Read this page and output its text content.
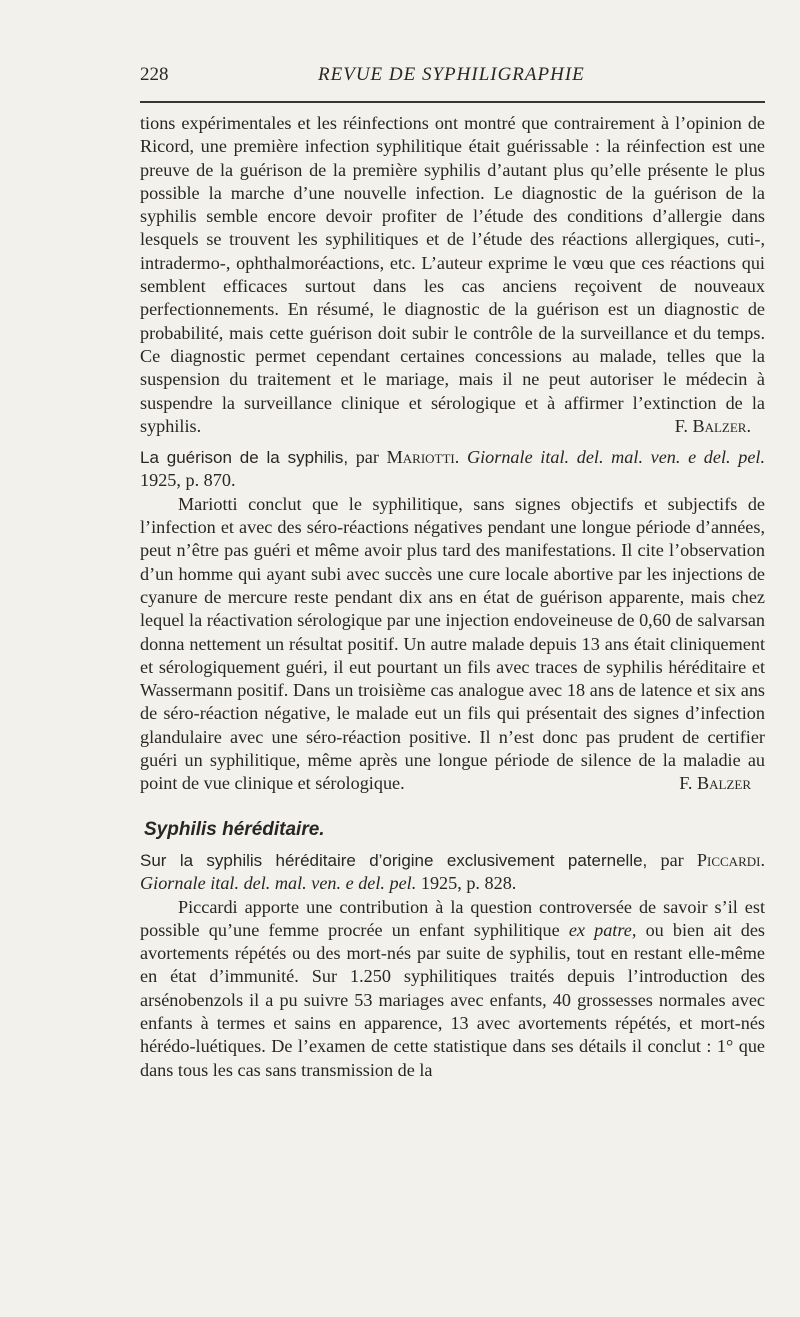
228	REVUE DE SYPHILIGRAPHIE

tions expérimentales et les réinfections ont montré que contrairement à l’opinion de Ricord, une première infection syphilitique était guérissable : la réinfection est une preuve de la guérison de la première syphilis d’autant plus qu’elle présente le plus possible la marche d’une nouvelle infection. Le diagnostic de la guérison de la syphilis semble encore devoir profiter de l’étude des conditions d’allergie dans lesquels se trouvent les syphilitiques et de l’étude des réactions allergiques, cuti-, intradermo-, ophthalmoréactions, etc. L’auteur exprime le vœu que ces réactions qui semblent efficaces surtout dans les cas anciens reçoivent de nouveaux perfectionnements. En résumé, le diagnostic de la guérison est un diagnostic de probabilité, mais cette guérison doit subir le contrôle de la surveillance et du temps. Ce diagnostic permet cependant certaines concessions au malade, telles que la suspension du traitement et le mariage, mais il ne peut autoriser le médecin à suspendre la surveillance clinique et sérologique et à affirmer l’extinction de la syphilis.	F. Balzer.

La guérison de la syphilis, par Mariotti. Giornale ital. del. mal. ven. e del. pel. 1925, p. 870.

Mariotti conclut que le syphilitique, sans signes objectifs et subjectifs de l’infection et avec des séro-réactions négatives pendant une longue période d’années, peut n’être pas guéri et même avoir plus tard des manifestations. Il cite l’observation d’un homme qui ayant subi avec succès une cure locale abortive par les injections de cyanure de mercure reste pendant dix ans en état de guérison apparente, mais chez lequel la réactivation sérologique par une injection endoveineuse de 0,60 de salvarsan donna nettement un résultat positif. Un autre malade depuis 13 ans était cliniquement et sérologiquement guéri, il eut pourtant un fils avec traces de syphilis héréditaire et Wassermann positif. Dans un troisième cas analogue avec 18 ans de latence et six ans de séro-réaction négative, le malade eut un fils qui présentait des signes d’infection glandulaire avec une séro-réaction positive. Il n’est donc pas prudent de certifier guéri un syphilitique, même après une longue période de silence de la maladie au point de vue clinique et sérologique.	F. Balzer

Syphilis héréditaire.

Sur la syphilis héréditaire d’origine exclusivement paternelle, par Piccardi. Giornale ital. del. mal. ven. e del. pel. 1925, p. 828.

Piccardi apporte une contribution à la question controversée de savoir s’il est possible qu’une femme procrée un enfant syphilitique ex patre, ou bien ait des avortements répétés ou des mort-nés par suite de syphilis, tout en restant elle-même en état d’immunité. Sur 1.250 syphilitiques traités depuis l’introduction des arsénobenzols il a pu suivre 53 mariages avec enfants, 40 grossesses normales avec enfants à termes et sains en apparence, 13 avec avortements répétés, et mort-nés hérédo-luétiques. De l’examen de cette statistique dans ses détails il conclut : 1° que dans tous les cas sans transmission de la
